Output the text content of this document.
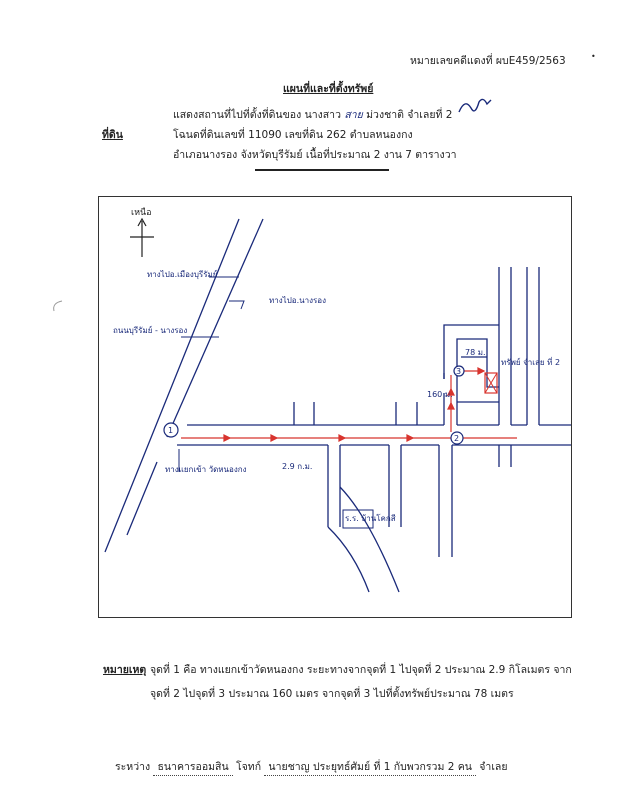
หมายเลขคดีแดงที่ ผบE459/2563	•
แผนที่และที่ตั้งทรัพย์
ที่ดิน
แสดงสถานที่ไปที่ตั้งที่ดินของ นางสาว สาย ม่วงชาติ จำเลยที่ 2
โฉนดที่ดินเลขที่ 11090 เลขที่ดิน 262 ตำบลหนองกง
อำเภอนางรอง จังหวัดบุรีรัมย์ เนื้อที่ประมาณ 2 งาน 7 ตารางวา
เหนือ
1
2
3
ทางไปอ.เมืองบุรีรัมย์
ทางไปอ.นางรอง
ถนนบุรีรัมย์ - นางรอง
ทางแยกเข้า วัดหนองกง	2.9 ก.ม.
160 ม.
78 ม.
ทรัพย์ จำเลย ที่ 2
ร.ร. บ้านโคกสี
หมายเหตุ จุดที่ 1 คือ ทางแยกเข้าวัดหนองกง ระยะทางจากจุดที่ 1 ไปจุดที่ 2 ประมาณ 2.9 กิโลเมตร จาก
จุดที่ 2 ไปจุดที่ 3 ประมาณ 160 เมตร จากจุดที่ 3 ไปที่ตั้งทรัพย์ประมาณ 78 เมตร
ระหว่าง ธนาคารออมสิน โจทก์ นายชาญ ประยุทธ์ศัมย์ ที่ 1 กับพวกรวม 2 คน จำเลย
